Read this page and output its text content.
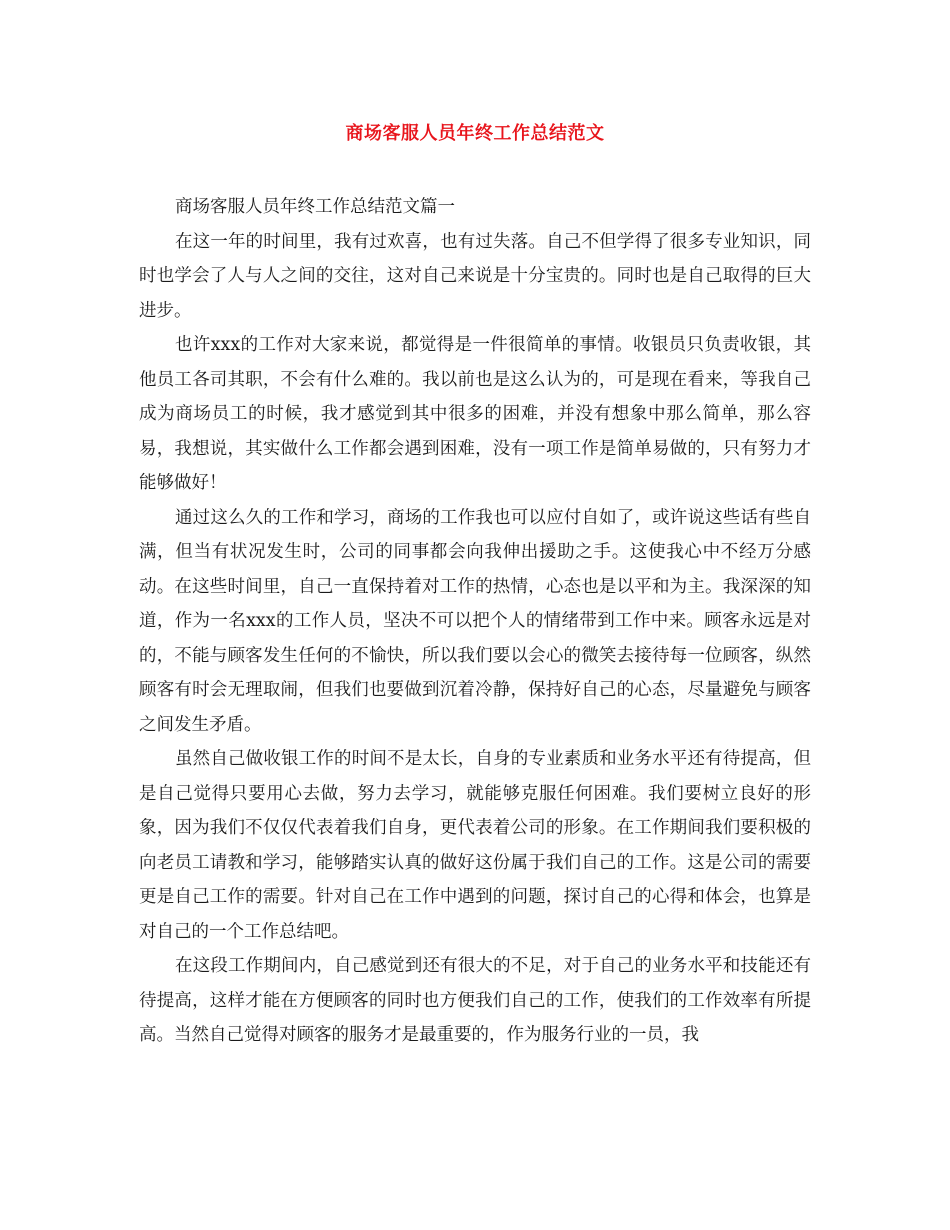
商场客服人员年终工作总结范文

商场客服人员年终工作总结范文篇一

在这一年的时间里，我有过欢喜，也有过失落。自己不但学得了很多专业知识，同时也学会了人与人之间的交往，这对自己来说是十分宝贵的。同时也是自己取得的巨大进步。

也许xxx的工作对大家来说，都觉得是一件很简单的事情。收银员只负责收银，其他员工各司其职，不会有什么难的。我以前也是这么认为的，可是现在看来，等我自己成为商场员工的时候，我才感觉到其中很多的困难，并没有想象中那么简单，那么容易，我想说，其实做什么工作都会遇到困难，没有一项工作是简单易做的，只有努力才能够做好！

通过这么久的工作和学习，商场的工作我也可以应付自如了，或许说这些话有些自满，但当有状况发生时，公司的同事都会向我伸出援助之手。这使我心中不经万分感动。在这些时间里，自己一直保持着对工作的热情，心态也是以平和为主。我深深的知道，作为一名xxx的工作人员，坚决不可以把个人的情绪带到工作中来。顾客永远是对的，不能与顾客发生任何的不愉快，所以我们要以会心的微笑去接待每一位顾客，纵然顾客有时会无理取闹，但我们也要做到沉着冷静，保持好自己的心态，尽量避免与顾客之间发生矛盾。

虽然自己做收银工作的时间不是太长，自身的专业素质和业务水平还有待提高，但是自己觉得只要用心去做，努力去学习，就能够克服任何困难。我们要树立良好的形象，因为我们不仅仅代表着我们自身，更代表着公司的形象。在工作期间我们要积极的向老员工请教和学习，能够踏实认真的做好这份属于我们自己的工作。这是公司的需要更是自己工作的需要。针对自己在工作中遇到的问题，探讨自己的心得和体会，也算是对自己的一个工作总结吧。

在这段工作期间内，自己感觉到还有很大的不足，对于自己的业务水平和技能还有待提高，这样才能在方便顾客的同时也方便我们自己的工作，使我们的工作效率有所提高。当然自己觉得对顾客的服务才是最重要的，作为服务行业的一员，我
